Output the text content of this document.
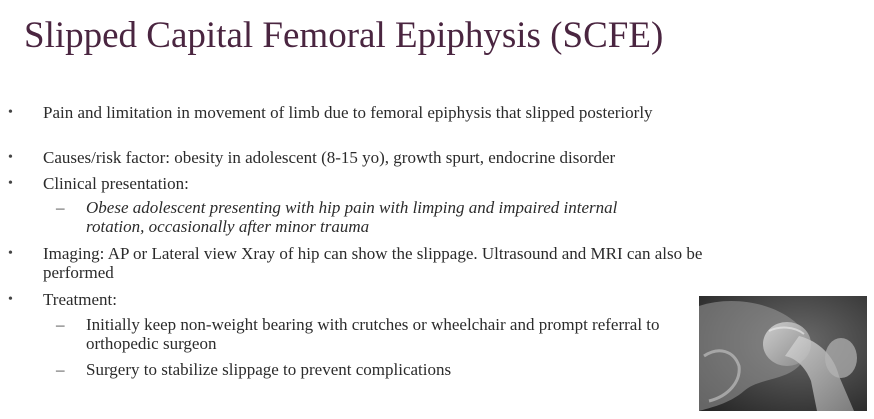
Slipped Capital Femoral Epiphysis (SCFE)

• Pain and limitation in movement of limb due to femoral epiphysis that slipped posteriorly

• Causes/risk factor: obesity in adolescent (8-15 yo), growth spurt, endocrine disorder

• Clinical presentation:

– Obese adolescent presenting with hip pain with limping and impaired internal rotation, occasionally after minor trauma

• Imaging: AP or Lateral view Xray of hip can show the slippage. Ultrasound and MRI can also be performed

• Treatment:

– Initially keep non-weight bearing with crutches or wheelchair and prompt referral to orthopedic surgeon

– Surgery to stabilize slippage to prevent complications
